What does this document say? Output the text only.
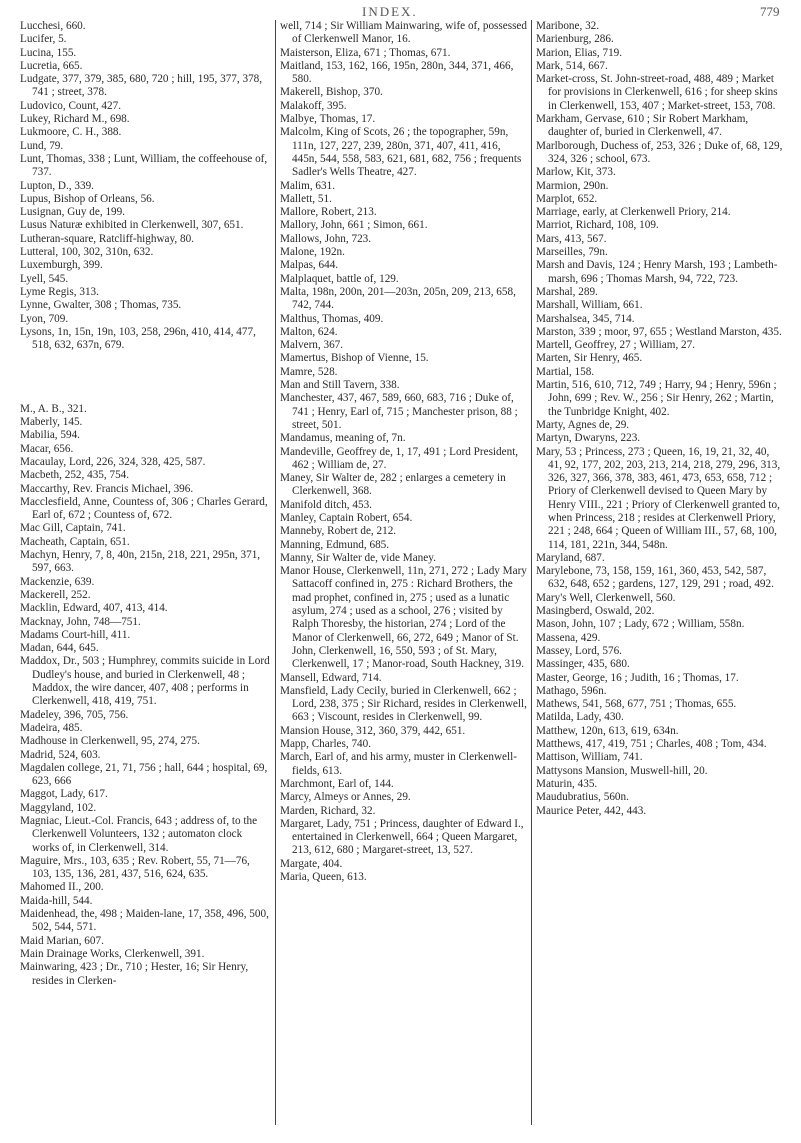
INDEX.	779

Lucchesi, 660.

Lucifer, 5.

Lucina, 155.

Lucretia, 665.

Ludgate, 377, 379, 385, 680, 720 ; hill, 195, 377, 378, 741 ; street, 378.

Ludovico, Count, 427.

Lukey, Richard M., 698.

Lukmoore, C. H., 388.

Lund, 79.

Lunt, Thomas, 338 ; Lunt, William, the coffeehouse of, 737.

Lupton, D., 339.

Lupus, Bishop of Orleans, 56.

Lusignan, Guy de, 199.

Lusus Naturæ exhibited in Clerkenwell, 307, 651.

Lutheran-square, Ratcliff-highway, 80.

Lutteral, 100, 302, 310n, 632.

Luxemburgh, 399.

Lyell, 545.

Lyme Regis, 313.

Lynne, Gwalter, 308 ; Thomas, 735.

Lyon, 709.

Lysons, 1n, 15n, 19n, 103, 258, 296n, 410, 414, 477, 518, 632, 637n, 679.

M., A. B., 321.

Maberly, 145.

Mabilia, 594.

Macar, 656.

Macaulay, Lord, 226, 324, 328, 425, 587.

Macbeth, 252, 435, 754.

Maccarthy, Rev. Francis Michael, 396.

Macclesfield, Anne, Countess of, 306 ; Charles Gerard, Earl of, 672 ; Countess of, 672.

Mac Gill, Captain, 741.

Macheath, Captain, 651.

Machyn, Henry, 7, 8, 40n, 215n, 218, 221, 295n, 371, 597, 663.

Mackenzie, 639.

Mackerell, 252.

Macklin, Edward, 407, 413, 414.

Macknay, John, 748—751.

Madams Court-hill, 411.

Madan, 644, 645.

Maddox, Dr., 503 ; Humphrey, commits suicide in Lord Dudley's house, and buried in Clerkenwell, 48 ; Maddox, the wire dancer, 407, 408 ; performs in Clerkenwell, 418, 419, 751.

Madeley, 396, 705, 756.

Madeira, 485.

Madhouse in Clerkenwell, 95, 274, 275.

Madrid, 524, 603.

Magdalen college, 21, 71, 756 ; hall, 644 ; hospital, 69, 623, 666

Maggot, Lady, 617.

Maggyland, 102.

Magniac, Lieut.-Col. Francis, 643 ; address of, to the Clerkenwell Volunteers, 132 ; automaton clock works of, in Clerkenwell, 314.

Maguire, Mrs., 103, 635 ; Rev. Robert, 55, 71—76, 103, 135, 136, 281, 437, 516, 624, 635.

Mahomed II., 200.

Maida-hill, 544.

Maidenhead, the, 498 ; Maiden-lane, 17, 358, 496, 500, 502, 544, 571.

Maid Marian, 607.

Main Drainage Works, Clerkenwell, 391.

Mainwaring, 423 ; Dr., 710 ; Hester, 16; Sir Henry, resides in Clerken-

well, 714 ; Sir William Mainwaring, wife of, possessed of Clerkenwell Manor, 16.

Maisterson, Eliza, 671 ; Thomas, 671.

Maitland, 153, 162, 166, 195n, 280n, 344, 371, 466, 580.

Makerell, Bishop, 370.

Malakoff, 395.

Malbye, Thomas, 17.

Malcolm, King of Scots, 26 ; the topographer, 59n, 111n, 127, 227, 239, 280n, 371, 407, 411, 416, 445n, 544, 558, 583, 621, 681, 682, 756 ; frequents Sadler's Wells Theatre, 427.

Malim, 631.

Mallett, 51.

Mallore, Robert, 213.

Mallory, John, 661 ; Simon, 661.

Mallows, John, 723.

Malone, 192n.

Malpas, 644.

Malplaquet, battle of, 129.

Malta, 198n, 200n, 201—203n, 205n, 209, 213, 658, 742, 744.

Malthus, Thomas, 409.

Malton, 624.

Malvern, 367.

Mamertus, Bishop of Vienne, 15.

Mamre, 528.

Man and Still Tavern, 338.

Manchester, 437, 467, 589, 660, 683, 716 ; Duke of, 741 ; Henry, Earl of, 715 ; Manchester prison, 88 ; street, 501.

Mandamus, meaning of, 7n.

Mandeville, Geoffrey de, 1, 17, 491 ; Lord President, 462 ; William de, 27.

Maney, Sir Walter de, 282 ; enlarges a cemetery in Clerkenwell, 368.

Manifold ditch, 453.

Manley, Captain Robert, 654.

Manneby, Robert de, 212.

Manning, Edmund, 685.

Manny, Sir Walter de, vide Maney.

Manor House, Clerkenwell, 11n, 271, 272 ; Lady Mary Sattacoff confined in, 275 : Richard Brothers, the mad prophet, confined in, 275 ; used as a lunatic asylum, 274 ; used as a school, 276 ; visited by Ralph Thoresby, the historian, 274 ; Lord of the Manor of Clerkenwell, 66, 272, 649 ; Manor of St. John, Clerkenwell, 16, 550, 593 ; of St. Mary, Clerkenwell, 17 ; Manor-road, South Hackney, 319.

Mansell, Edward, 714.

Mansfield, Lady Cecily, buried in Clerkenwell, 662 ; Lord, 238, 375 ; Sir Richard, resides in Clerkenwell, 663 ; Viscount, resides in Clerkenwell, 99.

Mansion House, 312, 360, 379, 442, 651.

Mapp, Charles, 740.

March, Earl of, and his army, muster in Clerkenwell-fields, 613.

Marchmont, Earl of, 144.

Marcy, Almeys or Annes, 29.

Marden, Richard, 32.

Margaret, Lady, 751 ; Princess, daughter of Edward I., entertained in Clerkenwell, 664 ; Queen Margaret, 213, 612, 680 ; Margaret-street, 13, 527.

Margate, 404.

Maria, Queen, 613.

Maribone, 32.

Marienburg, 286.

Marion, Elias, 719.

Mark, 514, 667.

Market-cross, St. John-street-road, 488, 489 ; Market for provisions in Clerkenwell, 616 ; for sheep skins in Clerkenwell, 153, 407 ; Market-street, 153, 708.

Markham, Gervase, 610 ; Sir Robert Markham, daughter of, buried in Clerkenwell, 47.

Marlborough, Duchess of, 253, 326 ; Duke of, 68, 129, 324, 326 ; school, 673.

Marlow, Kit, 373.

Marmion, 290n.

Marplot, 652.

Marriage, early, at Clerkenwell Priory, 214.

Marriot, Richard, 108, 109.

Mars, 413, 567.

Marseilles, 79n.

Marsh and Davis, 124 ; Henry Marsh, 193 ; Lambeth-marsh, 696 ; Thomas Marsh, 94, 722, 723.

Marshal, 289.

Marshall, William, 661.

Marshalsea, 345, 714.

Marston, 339 ; moor, 97, 655 ; Westland Marston, 435.

Martell, Geoffrey, 27 ; William, 27.

Marten, Sir Henry, 465.

Martial, 158.

Martin, 516, 610, 712, 749 ; Harry, 94 ; Henry, 596n ; John, 699 ; Rev. W., 256 ; Sir Henry, 262 ; Martin, the Tunbridge Knight, 402.

Marty, Agnes de, 29.

Martyn, Dwaryns, 223.

Mary, 53 ; Princess, 273 ; Queen, 16, 19, 21, 32, 40, 41, 92, 177, 202, 203, 213, 214, 218, 279, 296, 313, 326, 327, 366, 378, 383, 461, 473, 653, 658, 712 ; Priory of Clerkenwell devised to Queen Mary by Henry VIII., 221 ; Priory of Clerkenwell granted to, when Princess, 218 ; resides at Clerkenwell Priory, 221 ; 248, 664 ; Queen of William III., 57, 68, 100, 114, 181, 221n, 344, 548n.

Maryland, 687.

Marylebone, 73, 158, 159, 161, 360, 453, 542, 587, 632, 648, 652 ; gardens, 127, 129, 291 ; road, 492.

Mary's Well, Clerkenwell, 560.

Masingberd, Oswald, 202.

Mason, John, 107 ; Lady, 672 ; William, 558n.

Massena, 429.

Massey, Lord, 576.

Massinger, 435, 680.

Master, George, 16 ; Judith, 16 ; Thomas, 17.

Mathago, 596n.

Mathews, 541, 568, 677, 751 ; Thomas, 655.

Matilda, Lady, 430.

Matthew, 120n, 613, 619, 634n.

Matthews, 417, 419, 751 ; Charles, 408 ; Tom, 434.

Mattison, William, 741.

Mattysons Mansion, Muswell-hill, 20.

Maturin, 435.

Maudubratius, 560n.

Maurice Peter, 442, 443.
